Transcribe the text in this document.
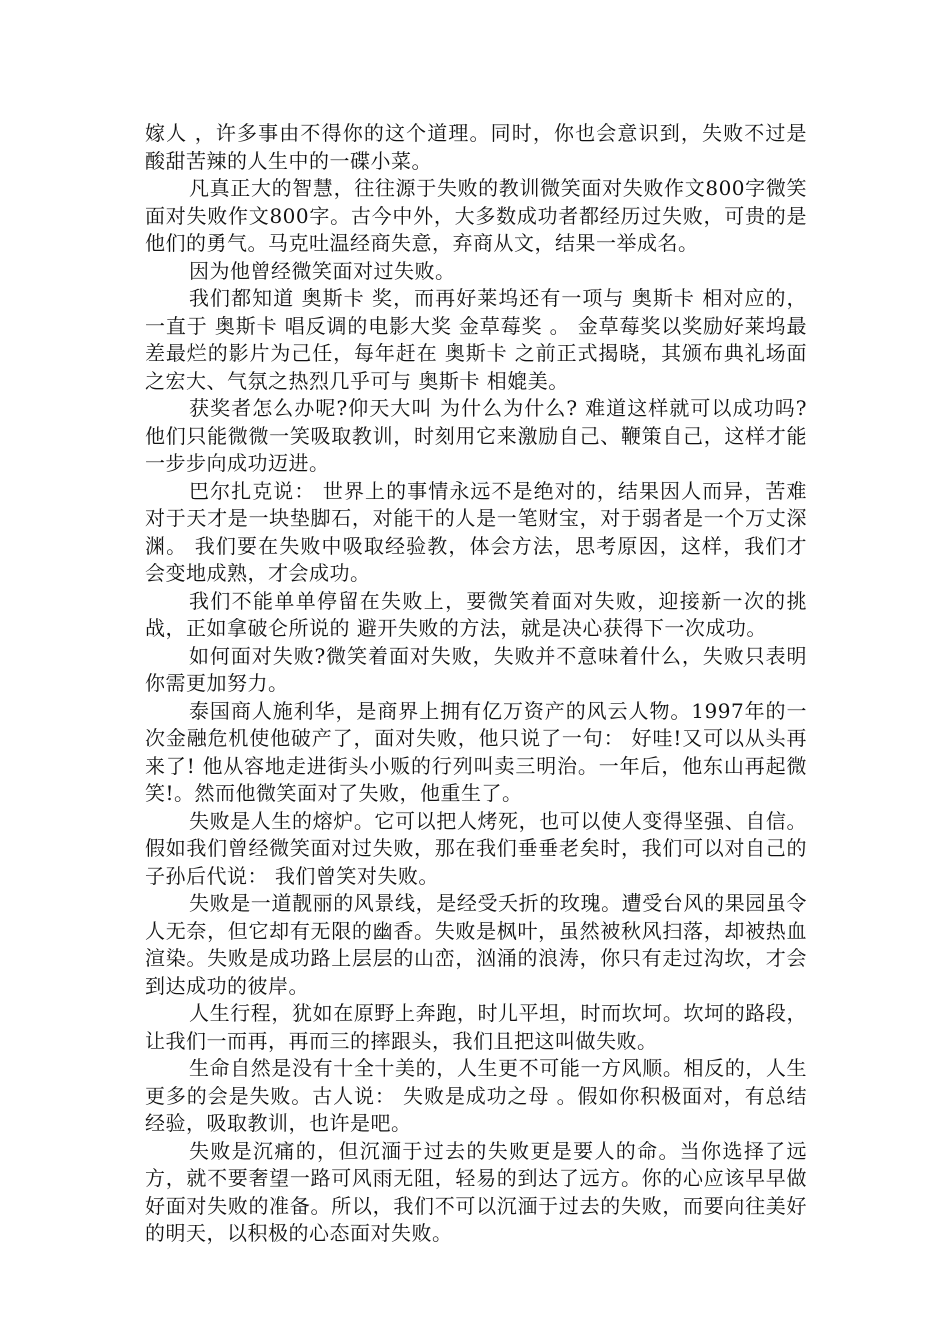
嫁人 ，许多事由不得你的这个道理。同时，你也会意识到，失败不过是酸甜苦辣的人生中的一碟小菜。

凡真正大的智慧，往往源于失败的教训微笑面对失败作文800字微笑面对失败作文800字。古今中外，大多数成功者都经历过失败，可贵的是他们的勇气。马克吐温经商失意，弃商从文，结果一举成名。

因为他曾经微笑面对过失败。

我们都知道 奥斯卡 奖，而再好莱坞还有一项与 奥斯卡 相对应的，一直于 奥斯卡 唱反调的电影大奖 金草莓奖 。 金草莓奖以奖励好莱坞最差最烂的影片为己任，每年赶在 奥斯卡 之前正式揭晓，其颁布典礼场面之宏大、气氛之热烈几乎可与 奥斯卡 相媲美。

获奖者怎么办呢?仰天大叫 为什么为什么? 难道这样就可以成功吗?他们只能微微一笑吸取教训，时刻用它来激励自己、鞭策自己，这样才能一步步向成功迈进。

巴尔扎克说： 世界上的事情永远不是绝对的，结果因人而异，苦难对于天才是一块垫脚石，对能干的人是一笔财宝，对于弱者是一个万丈深渊。 我们要在失败中吸取经验教，体会方法，思考原因，这样，我们才会变地成熟，才会成功。

我们不能单单停留在失败上，要微笑着面对失败，迎接新一次的挑战，正如拿破仑所说的 避开失败的方法，就是决心获得下一次成功。

如何面对失败?微笑着面对失败，失败并不意味着什么，失败只表明你需更加努力。

泰国商人施利华，是商界上拥有亿万资产的风云人物。1997年的一次金融危机使他破产了，面对失败，他只说了一句： 好哇!又可以从头再来了! 他从容地走进街头小贩的行列叫卖三明治。一年后，他东山再起微笑!。然而他微笑面对了失败，他重生了。

失败是人生的熔炉。它可以把人烤死，也可以使人变得坚强、自信。假如我们曾经微笑面对过失败，那在我们垂垂老矣时，我们可以对自己的子孙后代说： 我们曾笑对失败。

失败是一道靓丽的风景线，是经受夭折的玫瑰。遭受台风的果园虽令人无奈，但它却有无限的幽香。失败是枫叶，虽然被秋风扫落，却被热血渲染。失败是成功路上层层的山峦，汹涌的浪涛，你只有走过沟坎，才会到达成功的彼岸。

人生行程，犹如在原野上奔跑，时儿平坦，时而坎坷。坎坷的路段，让我们一而再，再而三的摔跟头，我们且把这叫做失败。

生命自然是没有十全十美的，人生更不可能一方风顺。相反的，人生更多的会是失败。古人说： 失败是成功之母 。假如你积极面对，有总结经验，吸取教训，也许是吧。

失败是沉痛的，但沉湎于过去的失败更是要人的命。当你选择了远方，就不要奢望一路可风雨无阻，轻易的到达了远方。你的心应该早早做好面对失败的准备。所以，我们不可以沉湎于过去的失败，而要向往美好的明天，以积极的心态面对失败。
